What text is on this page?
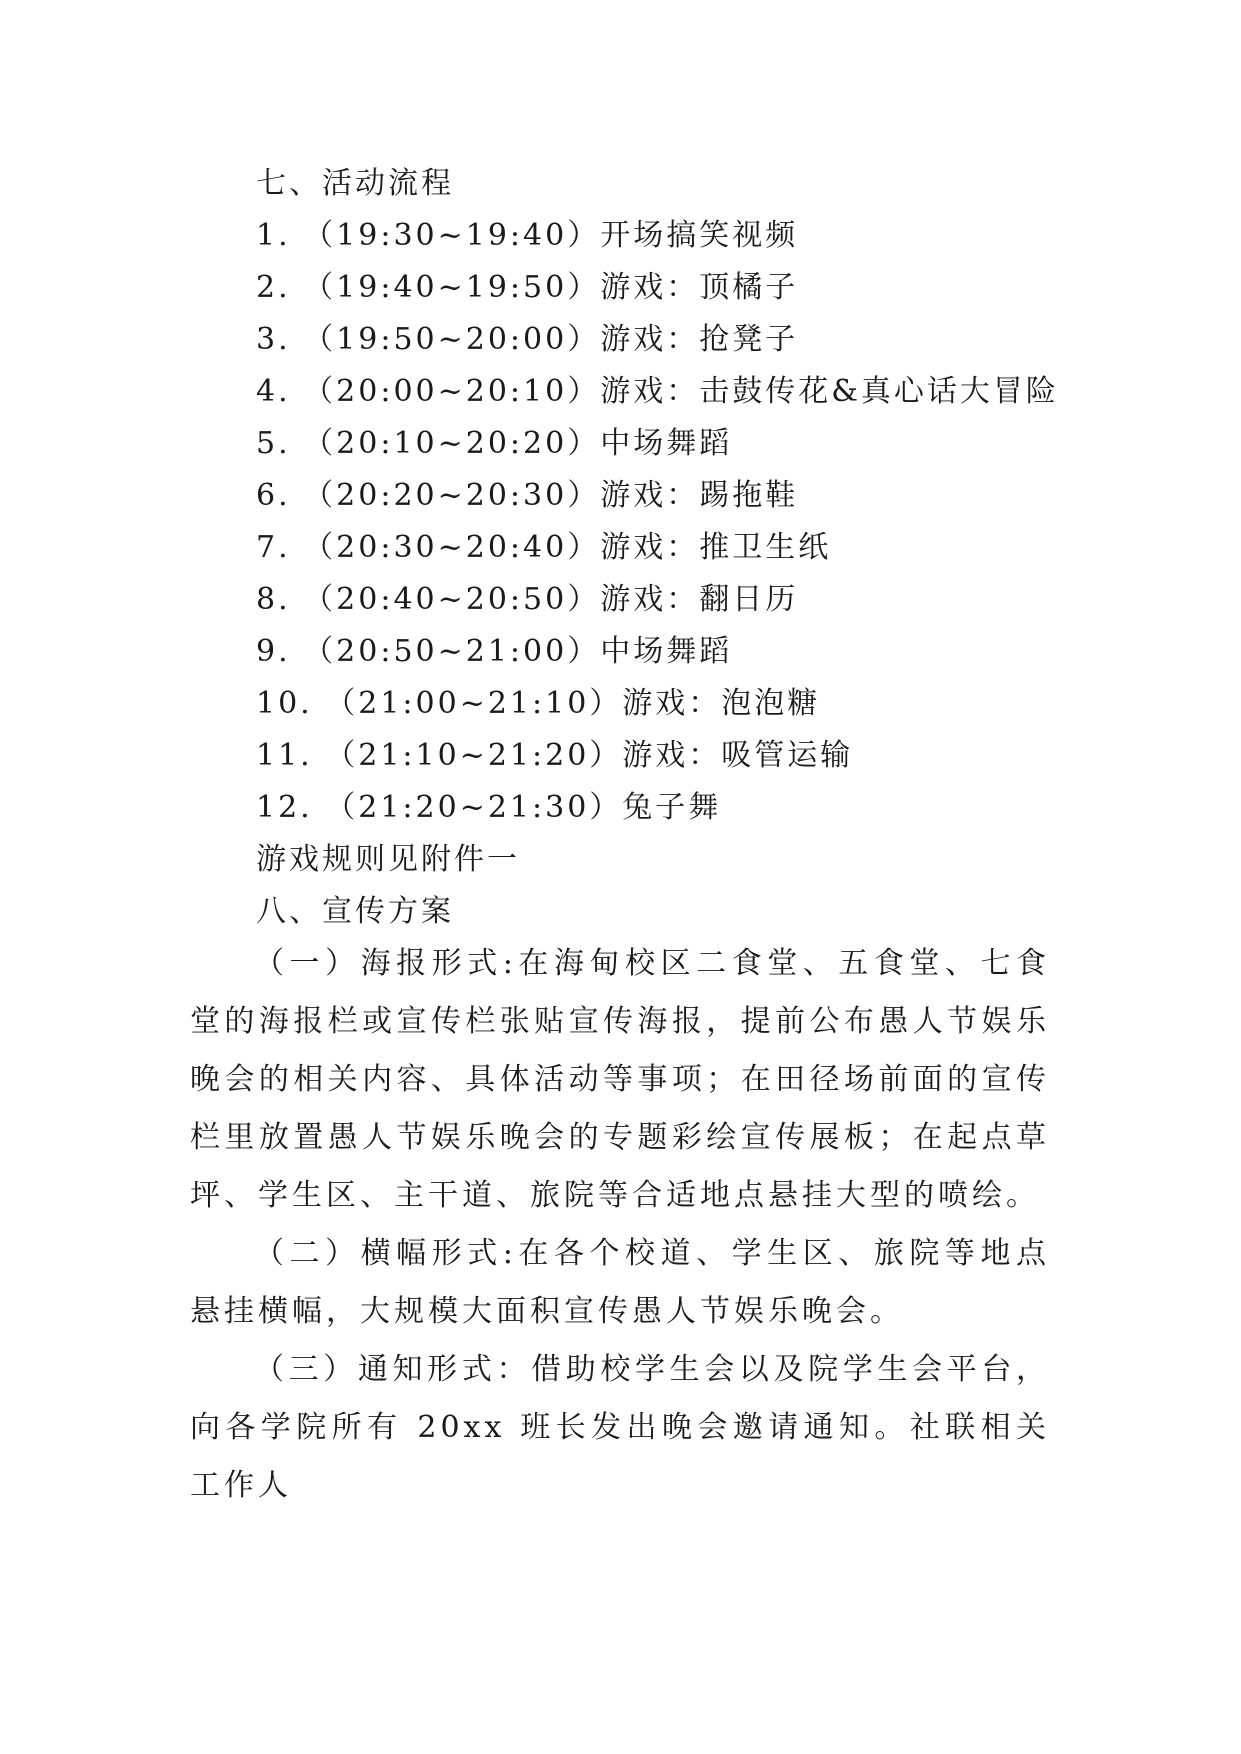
七、活动流程

1. （19:30~19:40）开场搞笑视频

2. （19:40~19:50）游戏：顶橘子

3. （19:50~20:00）游戏：抢凳子

4. （20:00~20:10）游戏：击鼓传花&真心话大冒险

5. （20:10~20:20）中场舞蹈

6. （20:20~20:30）游戏：踢拖鞋

7. （20:30~20:40）游戏：推卫生纸

8. （20:40~20:50）游戏：翻日历

9. （20:50~21:00）中场舞蹈

10. （21:00~21:10）游戏：泡泡糖

11. （21:10~21:20）游戏：吸管运输

12. （21:20~21:30）兔子舞

游戏规则见附件一

八、宣传方案

（一）海报形式:在海甸校区二食堂、五食堂、七食堂的海报栏或宣传栏张贴宣传海报，提前公布愚人节娱乐晚会的相关内容、具体活动等事项；在田径场前面的宣传栏里放置愚人节娱乐晚会的专题彩绘宣传展板；在起点草坪、学生区、主干道、旅院等合适地点悬挂大型的喷绘。

（二）横幅形式:在各个校道、学生区、旅院等地点悬挂横幅，大规模大面积宣传愚人节娱乐晚会。

（三）通知形式：借助校学生会以及院学生会平台，向各学院所有 20xx 班长发出晚会邀请通知。社联相关工作人
